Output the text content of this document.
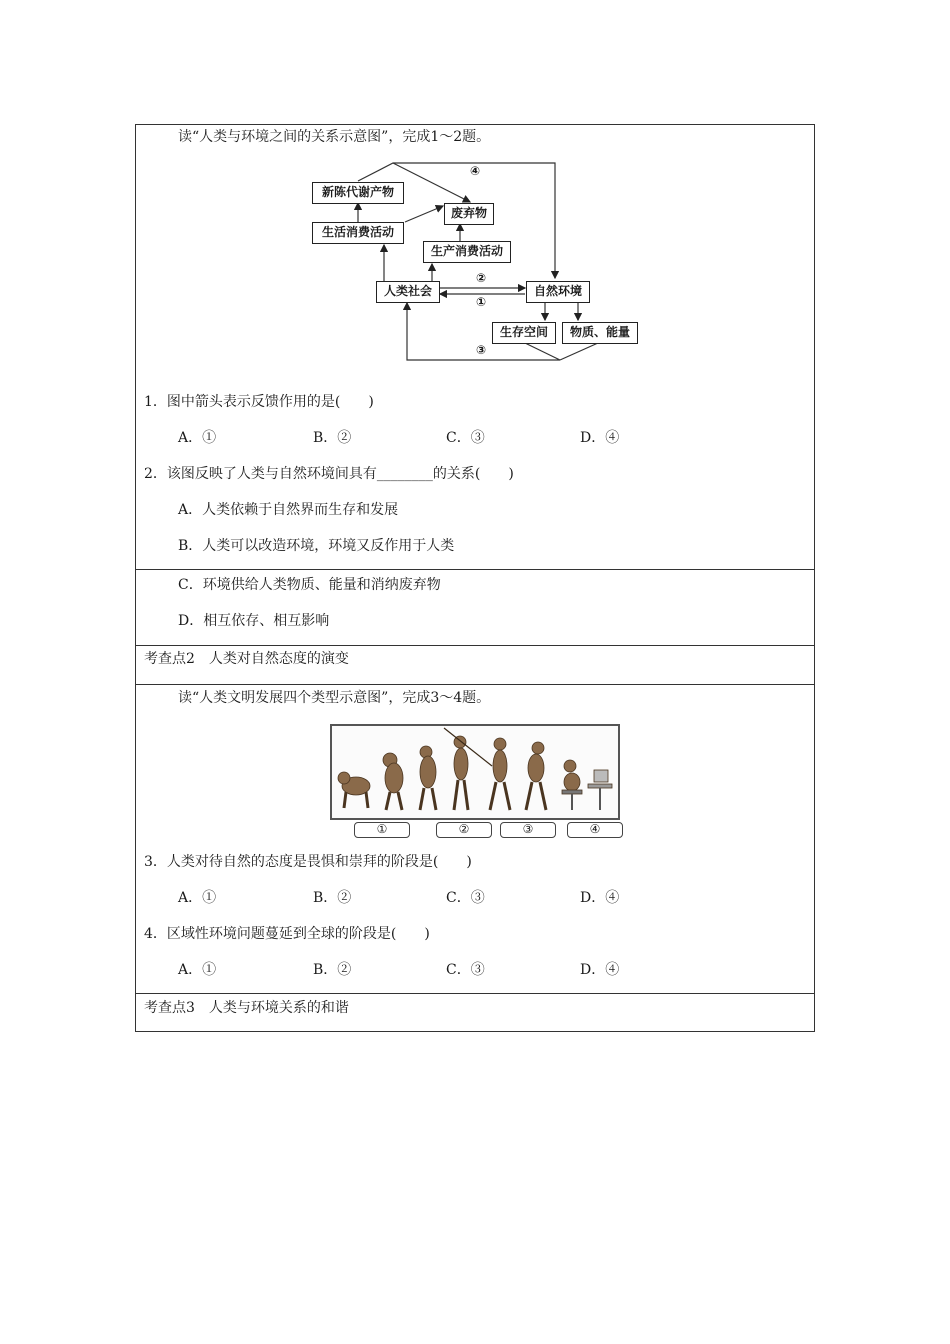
读“人类与环境之间的关系示意图”，完成1～2题。
新陈代谢产物
废弃物
生活消费活动
生产消费活动
人类社会	自然环境
生存空间	物质、能量
④
②
①
③
1．图中箭头表示反馈作用的是(　　)
A．①	B．②	C．③	D．④
2．该图反映了人类与自然环境间具有________的关系(　　)
A．人类依赖于自然界而生存和发展
B．人类可以改造环境，环境又反作用于人类
C．环境供给人类物质、能量和消纳废弃物
D．相互依存、相互影响
考查点2　人类对自然态度的演变
读“人类文明发展四个类型示意图”，完成3～4题。
①	②	③	④
3．人类对待自然的态度是畏惧和崇拜的阶段是(　　)
A．①	B．②	C．③	D．④
4．区域性环境问题蔓延到全球的阶段是(　　)
A．①	B．②	C．③	D．④
考查点3　人类与环境关系的和谐
